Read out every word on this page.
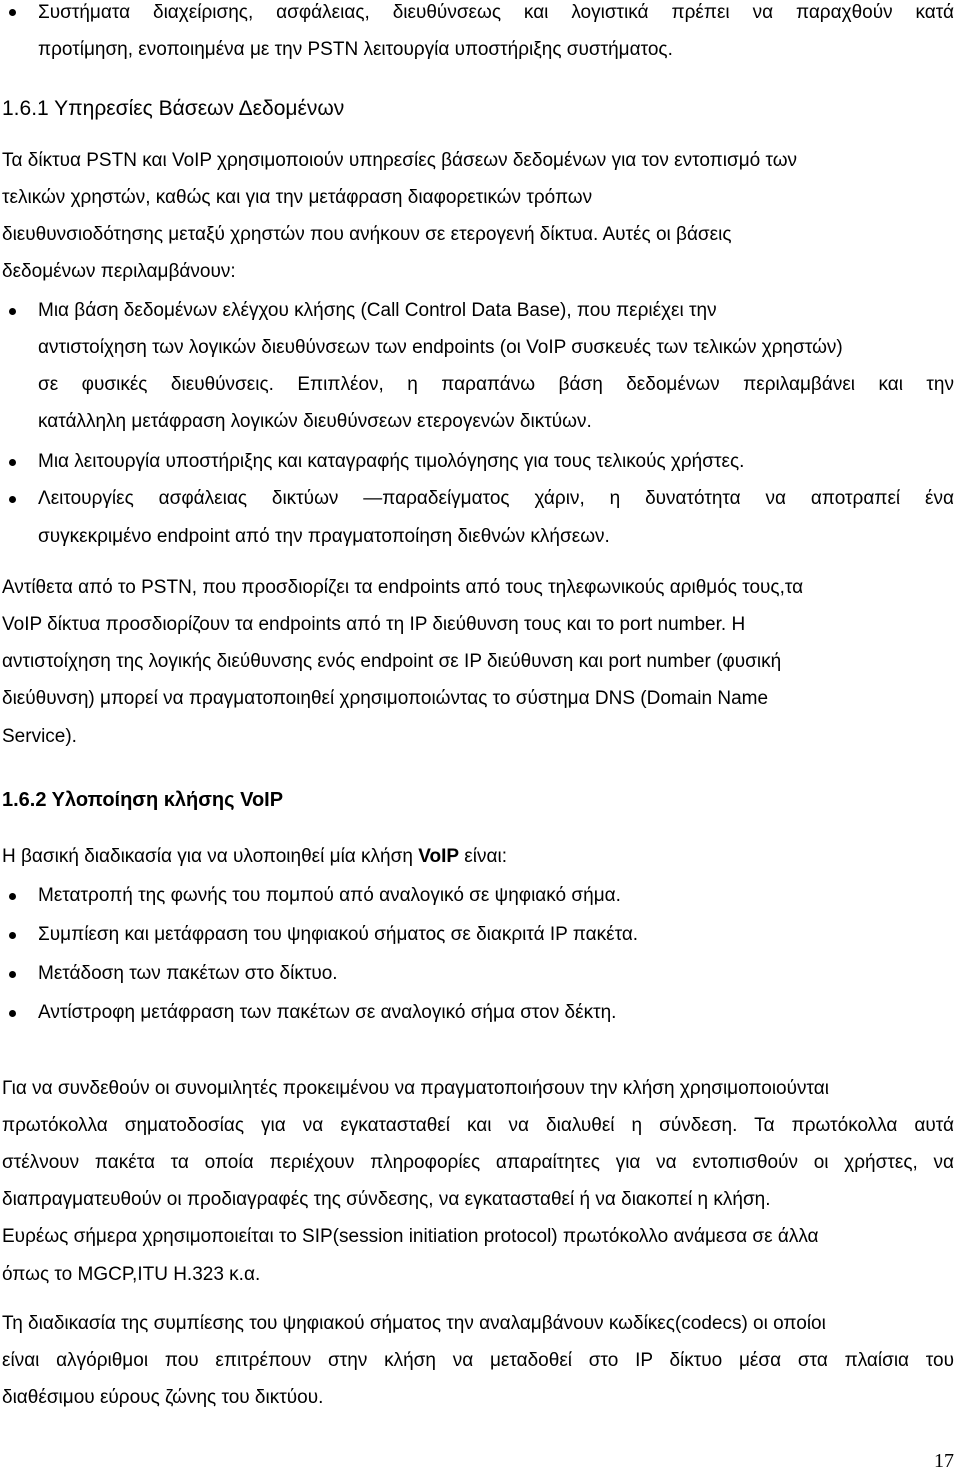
Συστήματα διαχείρισης, ασφάλειας, διευθύνσεως και λογιστικά πρέπει να παραχθούν κατά

προτίμηση, ενοποιημένα με την PSTN λειτουργία υποστήριξης συστήματος.

1.6.1 Υπηρεσίες Βάσεων Δεδομένων

Τα δίκτυα PSTN και VoIP χρησιμοποιούν υπηρεσίες βάσεων δεδομένων για τον εντοπισμό των

τελικών χρηστών, καθώς και για την μετάφραση διαφορετικών τρόπων

διευθυνσιοδότησης μεταξύ χρηστών που ανήκουν σε ετερογενή δίκτυα. Αυτές οι βάσεις

δεδομένων περιλαμβάνουν:

Μια βάση δεδομένων ελέγχου κλήσης (Call Control Data Base), που περιέχει την

αντιστοίχηση των λογικών διευθύνσεων των endpoints (οι VoIP συσκευές των τελικών χρηστών)

σε φυσικές διευθύνσεις. Επιπλέον, η παραπάνω βάση δεδομένων περιλαμβάνει και την

κατάλληλη μετάφραση λογικών διευθύνσεων ετερογενών δικτύων.

Μια λειτουργία υποστήριξης και καταγραφής τιμολόγησης για τους τελικούς χρήστες.

Λειτουργίες ασφάλειας δικτύων —παραδείγματος χάριν, η δυνατότητα να αποτραπεί ένα

συγκεκριμένο endpoint από την πραγματοποίηση διεθνών κλήσεων.

Αντίθετα από το PSTN, που προσδιορίζει τα endpoints από τους τηλεφωνικούς αριθμός τους,τα

VoIP δίκτυα προσδιορίζουν τα endpoints από τη IP διεύθυνση τους και το port number. Η

αντιστοίχηση της λογικής διεύθυνσης ενός endpoint σε IP διεύθυνση και port number (φυσική

διεύθυνση) μπορεί να πραγματοποιηθεί χρησιμοποιώντας το σύστημα DNS (Domain Name

Service).

1.6.2 Υλοποίηση κλήσης VoIP

Η βασική διαδικασία για να υλοποιηθεί μία κλήση VoIP είναι:

Μετατροπή της φωνής του πομπού από αναλογικό σε ψηφιακό σήμα.

Συμπίεση και μετάφραση του ψηφιακού σήματος σε διακριτά IP πακέτα.

Μετάδοση των πακέτων στο δίκτυο.

Αντίστροφη μετάφραση των πακέτων σε αναλογικό σήμα στον δέκτη.

Για να συνδεθούν οι συνομιλητές προκειμένου να πραγματοποιήσουν την κλήση χρησιμοποιούνται

πρωτόκολλα σηματοδοσίας για να εγκατασταθεί και να διαλυθεί η σύνδεση. Τα πρωτόκολλα αυτά

στέλνουν πακέτα τα οποία περιέχουν πληροφορίες απαραίτητες για να εντοπισθούν οι χρήστες, να

διαπραγματευθούν οι προδιαγραφές της σύνδεσης, να εγκατασταθεί ή να διακοπεί η κλήση.

Ευρέως σήμερα χρησιμοποιείται το SIP(session initiation protocol) πρωτόκολλο ανάμεσα σε άλλα

όπως το MGCP,ITU H.323 κ.α.

Τη διαδικασία της συμπίεσης του ψηφιακού σήματος την αναλαμβάνουν κωδίκες(codecs) οι οποίοι

είναι αλγόριθμοι που επιτρέπουν στην κλήση να μεταδοθεί στο IP δίκτυο μέσα στα πλαίσια του

διαθέσιμου εύρους ζώνης του δικτύου.

17
